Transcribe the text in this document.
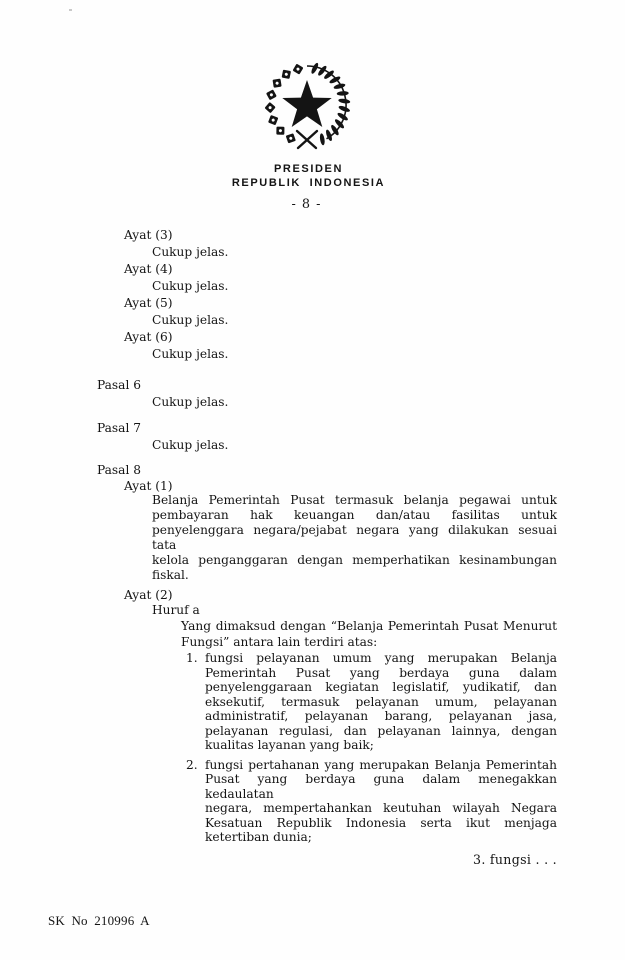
PRESIDEN
REPUBLIK INDONESIA
- 8 -
Ayat (3)
Cukup jelas.
Ayat (4)
Cukup jelas.
Ayat (5)
Cukup jelas.
Ayat (6)
Cukup jelas.
Pasal 6
Cukup jelas.
Pasal 7
Cukup jelas.
Pasal 8
Ayat (1)
Belanja Pemerintah Pusat termasuk belanja pegawai untuk
pembayaran hak keuangan dan/atau fasilitas untuk
penyelenggara negara/pejabat negara yang dilakukan sesuai tata
kelola penganggaran dengan memperhatikan kesinambungan
fiskal.
Ayat (2)
Huruf a
Yang dimaksud dengan “Belanja Pemerintah Pusat Menurut
Fungsi” antara lain terdiri atas:
1. fungsi pelayanan umum yang merupakan Belanja
Pemerintah Pusat yang berdaya guna dalam
penyelenggaraan kegiatan legislatif, yudikatif, dan
eksekutif, termasuk pelayanan umum, pelayanan
administratif, pelayanan barang, pelayanan jasa,
pelayanan regulasi, dan pelayanan lainnya, dengan
kualitas layanan yang baik;
2. fungsi pertahanan yang merupakan Belanja Pemerintah
Pusat yang berdaya guna dalam menegakkan kedaulatan
negara, mempertahankan keutuhan wilayah Negara
Kesatuan Republik Indonesia serta ikut menjaga
ketertiban dunia;
3. fungsi . . .
SK No 210996 A
